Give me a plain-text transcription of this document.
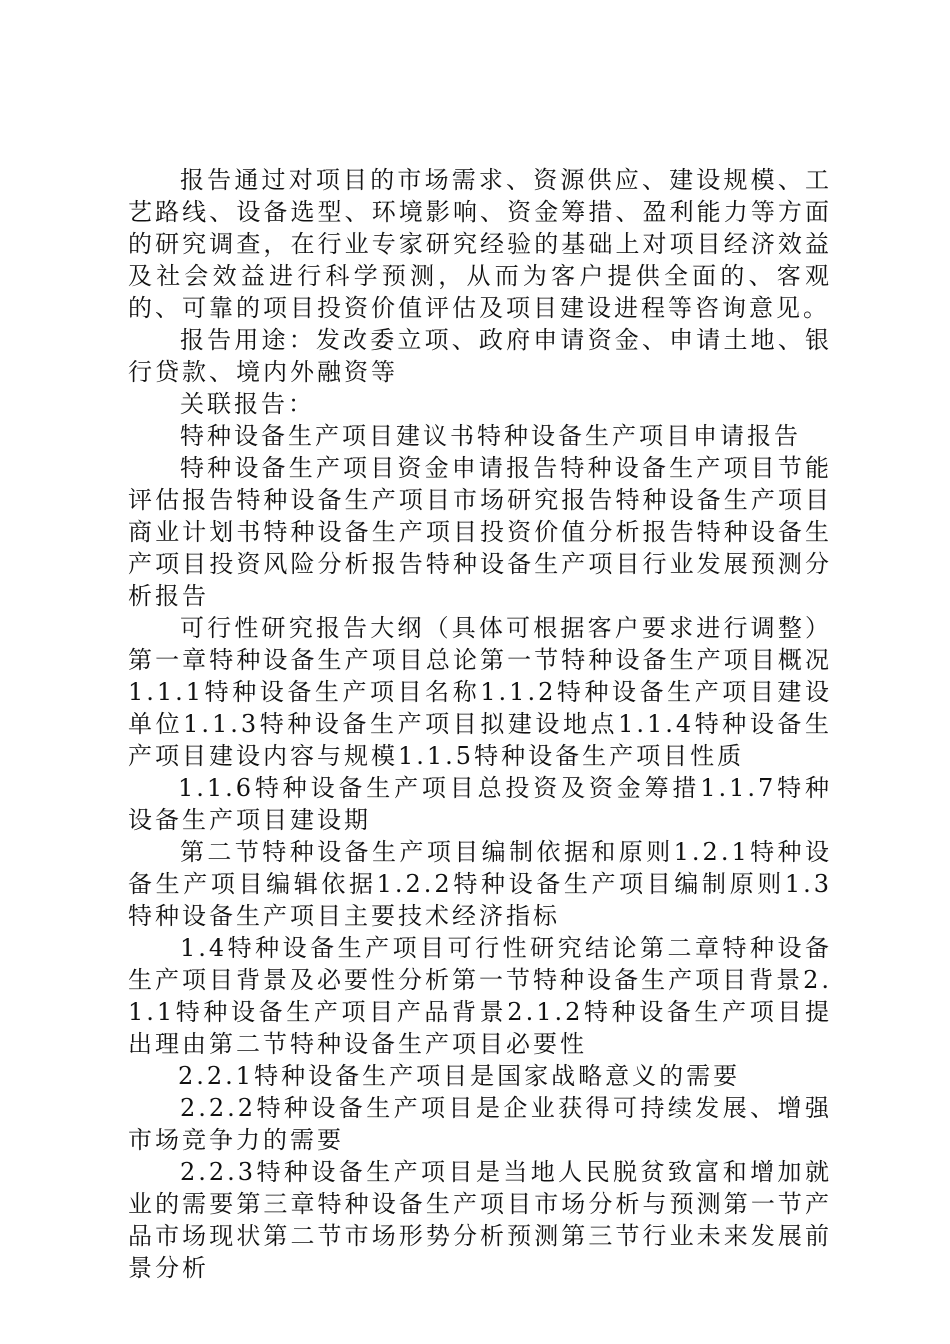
报告通过对项目的市场需求、资源供应、建设规模、工艺路线、设备选型、环境影响、资金筹措、盈利能力等方面的研究调查，在行业专家研究经验的基础上对项目经济效益及社会效益进行科学预测，从而为客户提供全面的、客观的、可靠的项目投资价值评估及项目建设进程等咨询意见。

报告用途：发改委立项、政府申请资金、申请土地、银行贷款、境内外融资等

关联报告：

特种设备生产项目建议书特种设备生产项目申请报告

特种设备生产项目资金申请报告特种设备生产项目节能评估报告特种设备生产项目市场研究报告特种设备生产项目商业计划书特种设备生产项目投资价值分析报告特种设备生产项目投资风险分析报告特种设备生产项目行业发展预测分析报告

可行性研究报告大纲（具体可根据客户要求进行调整）第一章特种设备生产项目总论第一节特种设备生产项目概况1.1.1特种设备生产项目名称1.1.2特种设备生产项目建设单位1.1.3特种设备生产项目拟建设地点1.1.4特种设备生产项目建设内容与规模1.1.5特种设备生产项目性质

1.1.6特种设备生产项目总投资及资金筹措1.1.7特种设备生产项目建设期

第二节特种设备生产项目编制依据和原则1.2.1特种设备生产项目编辑依据1.2.2特种设备生产项目编制原则1.3特种设备生产项目主要技术经济指标

1.4特种设备生产项目可行性研究结论第二章特种设备生产项目背景及必要性分析第一节特种设备生产项目背景2.1.1特种设备生产项目产品背景2.1.2特种设备生产项目提出理由第二节特种设备生产项目必要性

2.2.1特种设备生产项目是国家战略意义的需要

2.2.2特种设备生产项目是企业获得可持续发展、增强市场竞争力的需要

2.2.3特种设备生产项目是当地人民脱贫致富和增加就业的需要第三章特种设备生产项目市场分析与预测第一节产品市场现状第二节市场形势分析预测第三节行业未来发展前景分析
